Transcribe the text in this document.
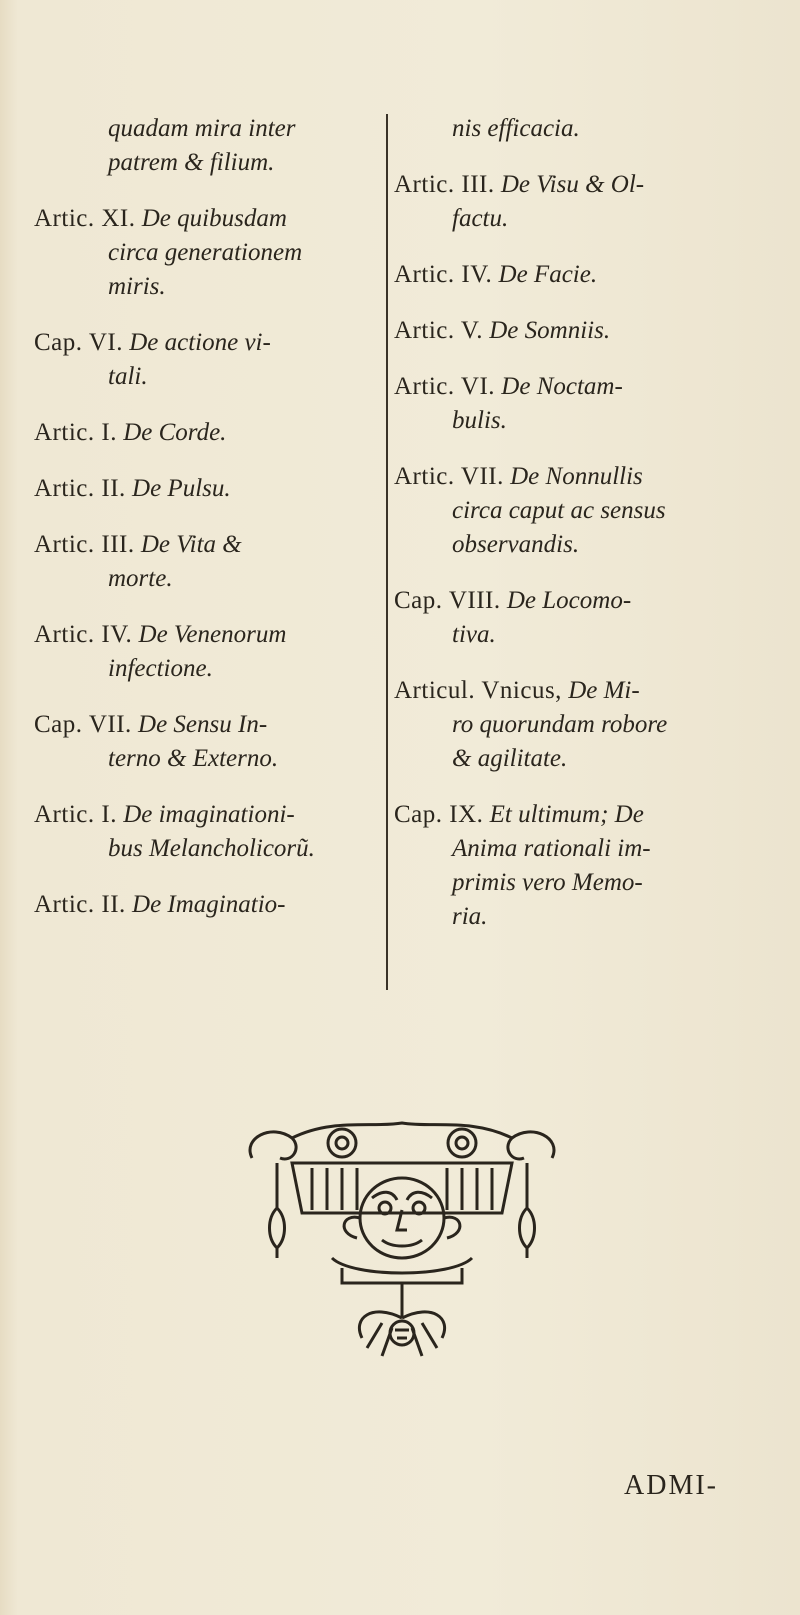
quadam mira inter
patrem & filium.
Artic. XI. De quibusdam
circa generationem
miris.
Cap. VI. De actione vi-
tali.
Artic. I. De Corde.
Artic. II. De Pulsu.
Artic. III. De Vita &
morte.
Artic. IV. De Venenorum
infectione.
Cap. VII. De Sensu In-
terno & Externo.
Artic. I. De imaginationi-
bus Melancholicorũ.
Artic. II. De Imaginatio-
nis efficacia.
Artic. III. De Visu & Ol-
factu.
Artic. IV. De Facie.
Artic. V. De Somniis.
Artic. VI. De Noctam-
bulis.
Artic. VII. De Nonnullis
circa caput ac sensus
observandis.
Cap. VIII. De Locomo-
tiva.
Articul. Vnicus, De Mi-
ro quorundam robore
& agilitate.
Cap. IX. Et ultimum; De
Anima rationali im-
primis vero Memo-
ria.
ADMI-
